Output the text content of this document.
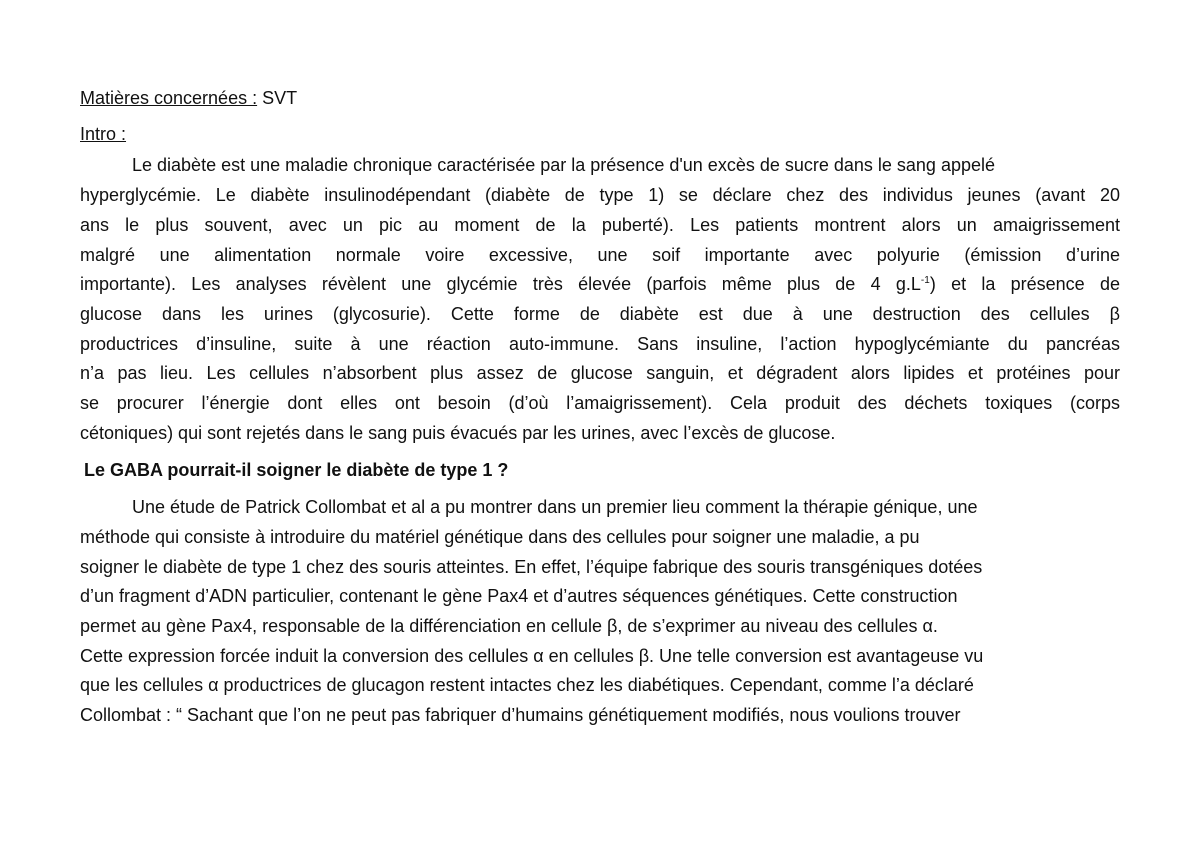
Matières concernées : SVT
Intro :
Le diabète est une maladie chronique caractérisée par la présence d'un excès de sucre dans le sang appelé
hyperglycémie. Le diabète insulinodépendant (diabète de type 1) se déclare chez des individus jeunes (avant 20
ans le plus souvent, avec un pic au moment de la puberté). Les patients montrent alors un amaigrissement
malgré une alimentation normale voire excessive, une soif importante avec polyurie (émission d’urine
importante). Les analyses révèlent une glycémie très élevée (parfois même plus de 4 $g.L^{-1}$) et la présence de
glucose dans les urines (glycosurie). Cette forme de diabète est due à une destruction des cellules β
productrices d’insuline, suite à une réaction auto-immune. Sans insuline, l’action hypoglycémiante du pancréas
n’a pas lieu. Les cellules n’absorbent plus assez de glucose sanguin, et dégradent alors lipides et protéines pour
se procurer l’énergie dont elles ont besoin (d’où l’amaigrissement). Cela produit des déchets toxiques (corps
cétoniques) qui sont rejetés dans le sang puis évacués par les urines, avec l’excès de glucose.
Le GABA pourrait-il soigner le diabète de type 1 ?
Une étude de Patrick Collombat et al a pu montrer dans un premier lieu comment la thérapie génique, une
méthode qui consiste à introduire du matériel génétique dans des cellules pour soigner une maladie, a pu
soigner le diabète de type 1 chez des souris atteintes. En effet, l’équipe fabrique des souris transgéniques dotées
d’un fragment d’ADN particulier, contenant le gène Pax4 et d’autres séquences génétiques. Cette construction
permet au gène Pax4, responsable de la différenciation en cellule β, de s’exprimer au niveau des cellules α.
Cette expression forcée induit la conversion des cellules α en cellules β. Une telle conversion est avantageuse vu
que les cellules α productrices de glucagon restent intactes chez les diabétiques. Cependant, comme l’a déclaré
Collombat : “ Sachant que l’on ne peut pas fabriquer d’humains génétiquement modifiés, nous voulions trouver
